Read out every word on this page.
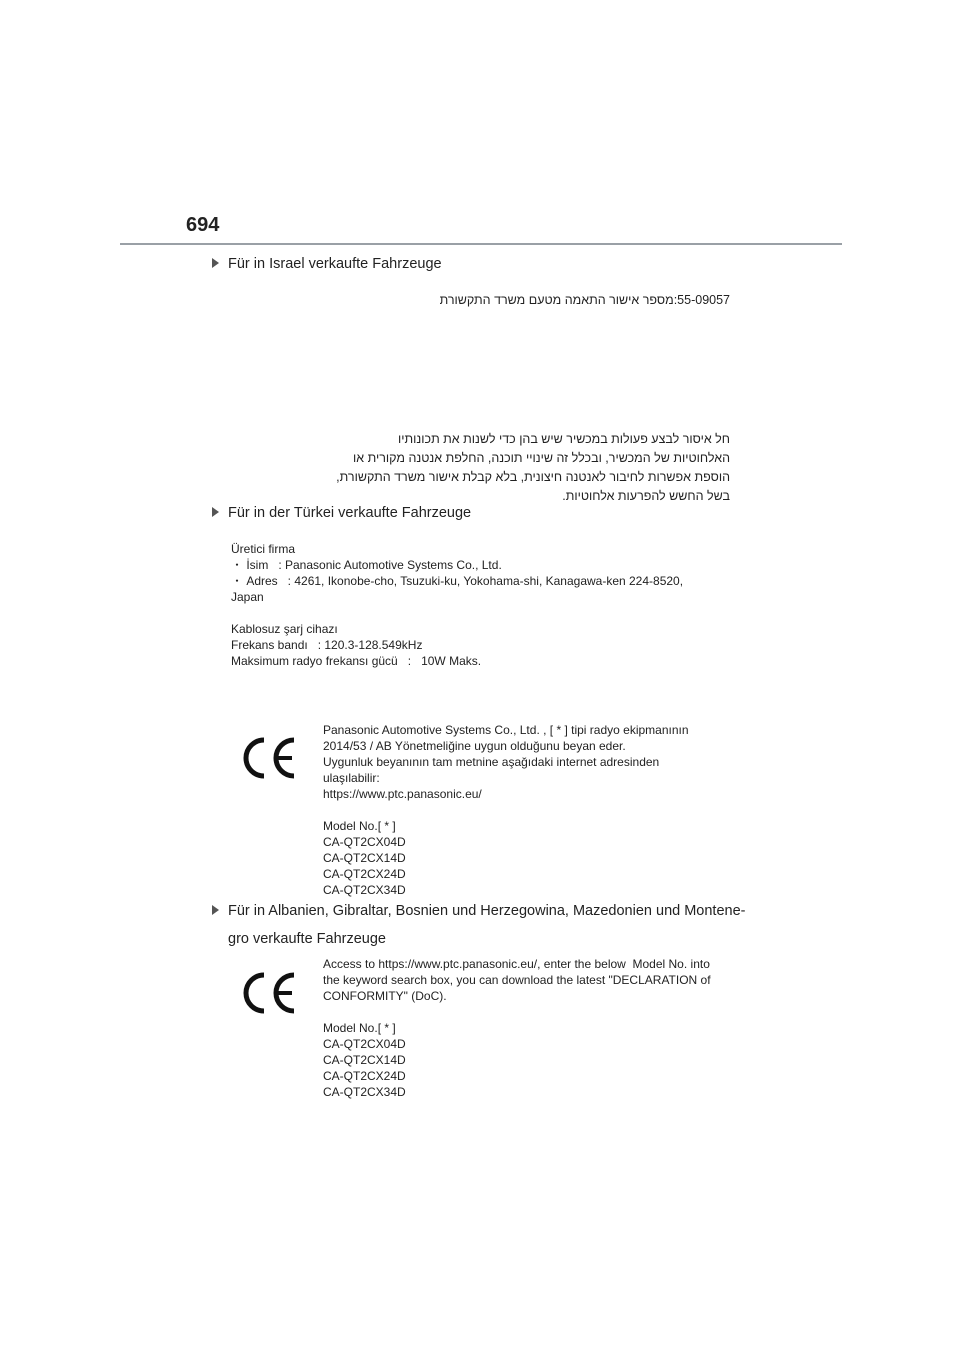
694
Für in Israel verkaufte Fahrzeuge
55-09057:מספר אישור התאמה מטעם משרד התקשורת
חל איסור לבצע פעולות במכשיר שיש בהן כדי לשנות את תכונותיו
האלחוטיות של המכשיר, ובכלל זה שינויי תוכנה, החלפת אנטנה מקורית או
הוספת אפשרות לחיבור לאנטנה חיצונית, בלא קבלת אישור משרד התקשורת,
בשל החשש להפרעות אלחוטיות.
Für in der Türkei verkaufte Fahrzeuge
Üretici firma
・ İsim   : Panasonic Automotive Systems Co., Ltd.
・ Adres   : 4261, Ikonobe-cho, Tsuzuki-ku, Yokohama-shi, Kanagawa-ken 224-8520,
Japan
Kablosuz şarj cihazı
Frekans bandı   : 120.3-128.549kHz
Maksimum radyo frekansı gücü   :   10W Maks.
Panasonic Automotive Systems Co., Ltd. , [ * ] tipi radyo ekipmanının
2014/53 / AB Yönetmeliğine uygun olduğunu beyan eder.
Uygunluk beyanının tam metnine aşağıdaki internet adresinden
ulaşılabilir:
https://www.ptc.panasonic.eu/
Model No.[ * ]
CA-QT2CX04D
CA-QT2CX14D
CA-QT2CX24D
CA-QT2CX34D
Für in Albanien, Gibraltar, Bosnien und Herzegowina, Mazedonien und Montene-
gro verkaufte Fahrzeuge
Access to https://www.ptc.panasonic.eu/, enter the below  Model No. into
the keyword search box, you can download the latest "DECLARATION of
CONFORMITY" (DoC).
Model No.[ * ]
CA-QT2CX04D
CA-QT2CX14D
CA-QT2CX24D
CA-QT2CX34D
